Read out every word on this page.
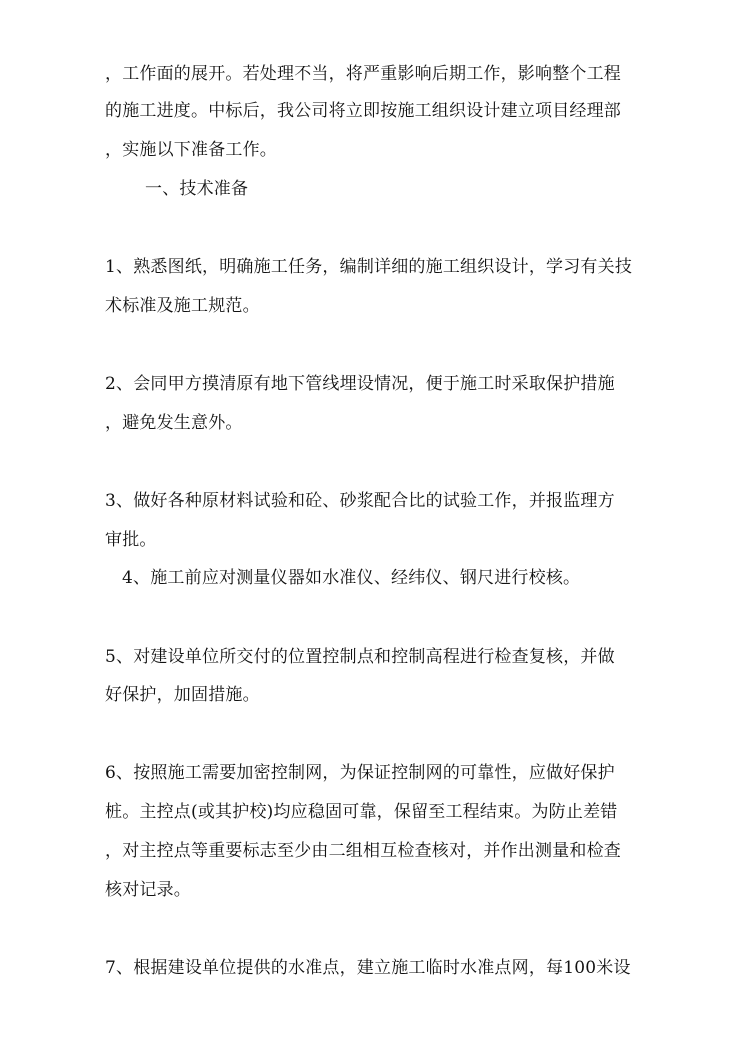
，工作面的展开。若处理不当，将严重影响后期工作，影响整个工程
的施工进度。中标后，我公司将立即按施工组织设计建立项目经理部
，实施以下准备工作。
一、技术准备
1、熟悉图纸，明确施工任务，编制详细的施工组织设计，学习有关技
术标准及施工规范。
2、会同甲方摸清原有地下管线埋设情况，便于施工时采取保护措施
，避免发生意外。
3、做好各种原材料试验和砼、砂浆配合比的试验工作，并报监理方
审批。
4、施工前应对测量仪器如水准仪、经纬仪、钢尺进行校核。
5、对建设单位所交付的位置控制点和控制高程进行检查复核，并做
好保护，加固措施。
6、按照施工需要加密控制网，为保证控制网的可靠性，应做好保护
桩。主控点(或其护校)均应稳固可靠，保留至工程结束。为防止差错
，对主控点等重要标志至少由二组相互检查核对，并作出测量和检查
核对记录。
7、根据建设单位提供的水准点，建立施工临时水准点网，每100米设
